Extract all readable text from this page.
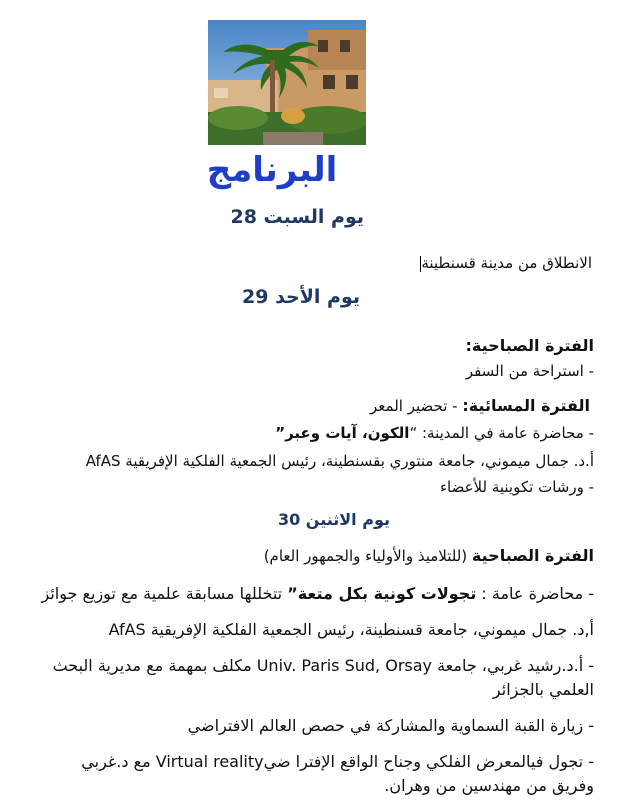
البرنامج
يوم السبت 28
الانطلاق من مدينة قسنطينة
يوم الأحد 29
الفترة الصباحية:
- استراحة من السفر
الفترة المسائية: - تحضير المعر
- محاضرة عامة في المدينة: “الكون، آيات وعبر”
أ.د. جمال ميموني، جامعة منتوري بقسنطينة، رئيس الجمعية الفلكية الإفريقية AfAS
- ورشات تكوينية للأعضاء
يوم الاثنين 30
الفترة الصباحية (للتلاميذ والأولياء والجمهور العام)
- محاضرة عامة : تجولات كونية بكل متعة” تتخللها مسابقة علمية مع توزيع جوائز
أ,د. جمال ميموني، جامعة قسنطينة، رئيس الجمعية الفلكية الإفريقية AfAS
- أ.د.رشيد غربي، جامعة Univ. Paris Sud, Orsay مكلف بمهمة مع مديرية البحث
العلمي بالجزائر
- زيارة القبة السماوية والمشاركة في حصص العالم الافتراضي
- تجول فيالمعرض الفلكي وجناح الواقع الإفترا ضيVirtual reality مع د.غربي
وفريق من مهندسين من وهران.
